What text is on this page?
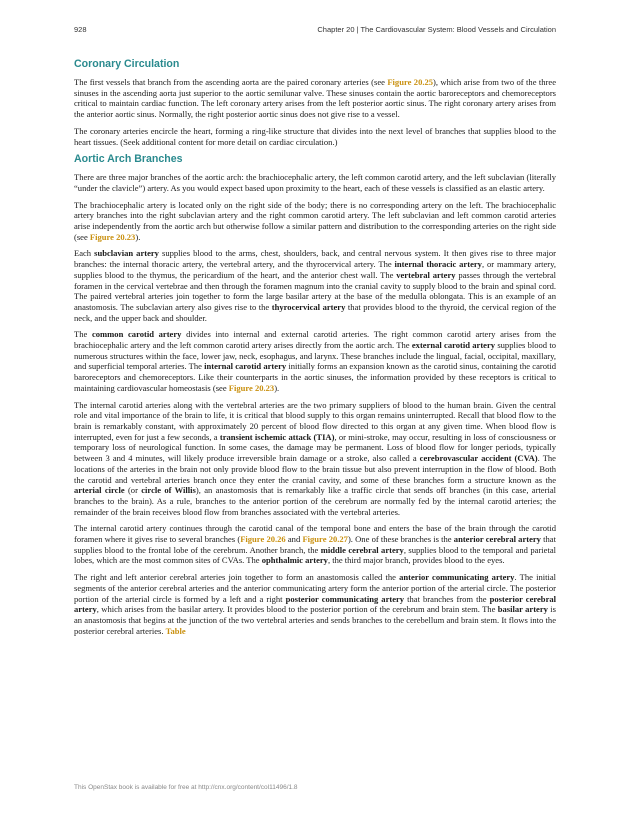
928	Chapter 20 | The Cardiovascular System: Blood Vessels and Circulation
Coronary Circulation

The first vessels that branch from the ascending aorta are the paired coronary arteries (see Figure 20.25), which arise from two of the three sinuses in the ascending aorta just superior to the aortic semilunar valve. These sinuses contain the aortic baroreceptors and chemoreceptors critical to maintain cardiac function. The left coronary artery arises from the left posterior aortic sinus. The right coronary artery arises from the anterior aortic sinus. Normally, the right posterior aortic sinus does not give rise to a vessel.

The coronary arteries encircle the heart, forming a ring-like structure that divides into the next level of branches that supplies blood to the heart tissues. (Seek additional content for more detail on cardiac circulation.)

Aortic Arch Branches

There are three major branches of the aortic arch: the brachiocephalic artery, the left common carotid artery, and the left subclavian (literally “under the clavicle”) artery. As you would expect based upon proximity to the heart, each of these vessels is classified as an elastic artery.

The brachiocephalic artery is located only on the right side of the body; there is no corresponding artery on the left. The brachiocephalic artery branches into the right subclavian artery and the right common carotid artery. The left subclavian and left common carotid arteries arise independently from the aortic arch but otherwise follow a similar pattern and distribution to the corresponding arteries on the right side (see Figure 20.23).

Each subclavian artery supplies blood to the arms, chest, shoulders, back, and central nervous system. It then gives rise to three major branches: the internal thoracic artery, the vertebral artery, and the thyrocervical artery. The internal thoracic artery, or mammary artery, supplies blood to the thymus, the pericardium of the heart, and the anterior chest wall. The vertebral artery passes through the vertebral foramen in the cervical vertebrae and then through the foramen magnum into the cranial cavity to supply blood to the brain and spinal cord. The paired vertebral arteries join together to form the large basilar artery at the base of the medulla oblongata. This is an example of an anastomosis. The subclavian artery also gives rise to the thyrocervical artery that provides blood to the thyroid, the cervical region of the neck, and the upper back and shoulder.

The common carotid artery divides into internal and external carotid arteries. The right common carotid artery arises from the brachiocephalic artery and the left common carotid artery arises directly from the aortic arch. The external carotid artery supplies blood to numerous structures within the face, lower jaw, neck, esophagus, and larynx. These branches include the lingual, facial, occipital, maxillary, and superficial temporal arteries. The internal carotid artery initially forms an expansion known as the carotid sinus, containing the carotid baroreceptors and chemoreceptors. Like their counterparts in the aortic sinuses, the information provided by these receptors is critical to maintaining cardiovascular homeostasis (see Figure 20.23).

The internal carotid arteries along with the vertebral arteries are the two primary suppliers of blood to the human brain. Given the central role and vital importance of the brain to life, it is critical that blood supply to this organ remains uninterrupted. Recall that blood flow to the brain is remarkably constant, with approximately 20 percent of blood flow directed to this organ at any given time. When blood flow is interrupted, even for just a few seconds, a transient ischemic attack (TIA), or mini-stroke, may occur, resulting in loss of consciousness or temporary loss of neurological function. In some cases, the damage may be permanent. Loss of blood flow for longer periods, typically between 3 and 4 minutes, will likely produce irreversible brain damage or a stroke, also called a cerebrovascular accident (CVA). The locations of the arteries in the brain not only provide blood flow to the brain tissue but also prevent interruption in the flow of blood. Both the carotid and vertebral arteries branch once they enter the cranial cavity, and some of these branches form a structure known as the arterial circle (or circle of Willis), an anastomosis that is remarkably like a traffic circle that sends off branches (in this case, arterial branches to the brain). As a rule, branches to the anterior portion of the cerebrum are normally fed by the internal carotid arteries; the remainder of the brain receives blood flow from branches associated with the vertebral arteries.

The internal carotid artery continues through the carotid canal of the temporal bone and enters the base of the brain through the carotid foramen where it gives rise to several branches (Figure 20.26 and Figure 20.27). One of these branches is the anterior cerebral artery that supplies blood to the frontal lobe of the cerebrum. Another branch, the middle cerebral artery, supplies blood to the temporal and parietal lobes, which are the most common sites of CVAs. The ophthalmic artery, the third major branch, provides blood to the eyes.

The right and left anterior cerebral arteries join together to form an anastomosis called the anterior communicating artery. The initial segments of the anterior cerebral arteries and the anterior communicating artery form the anterior portion of the arterial circle. The posterior portion of the arterial circle is formed by a left and a right posterior communicating artery that branches from the posterior cerebral artery, which arises from the basilar artery. It provides blood to the posterior portion of the cerebrum and brain stem. The basilar artery is an anastomosis that begins at the junction of the two vertebral arteries and sends branches to the cerebellum and brain stem. It flows into the posterior cerebral arteries. Table

This OpenStax book is available for free at http://cnx.org/content/col11496/1.8
